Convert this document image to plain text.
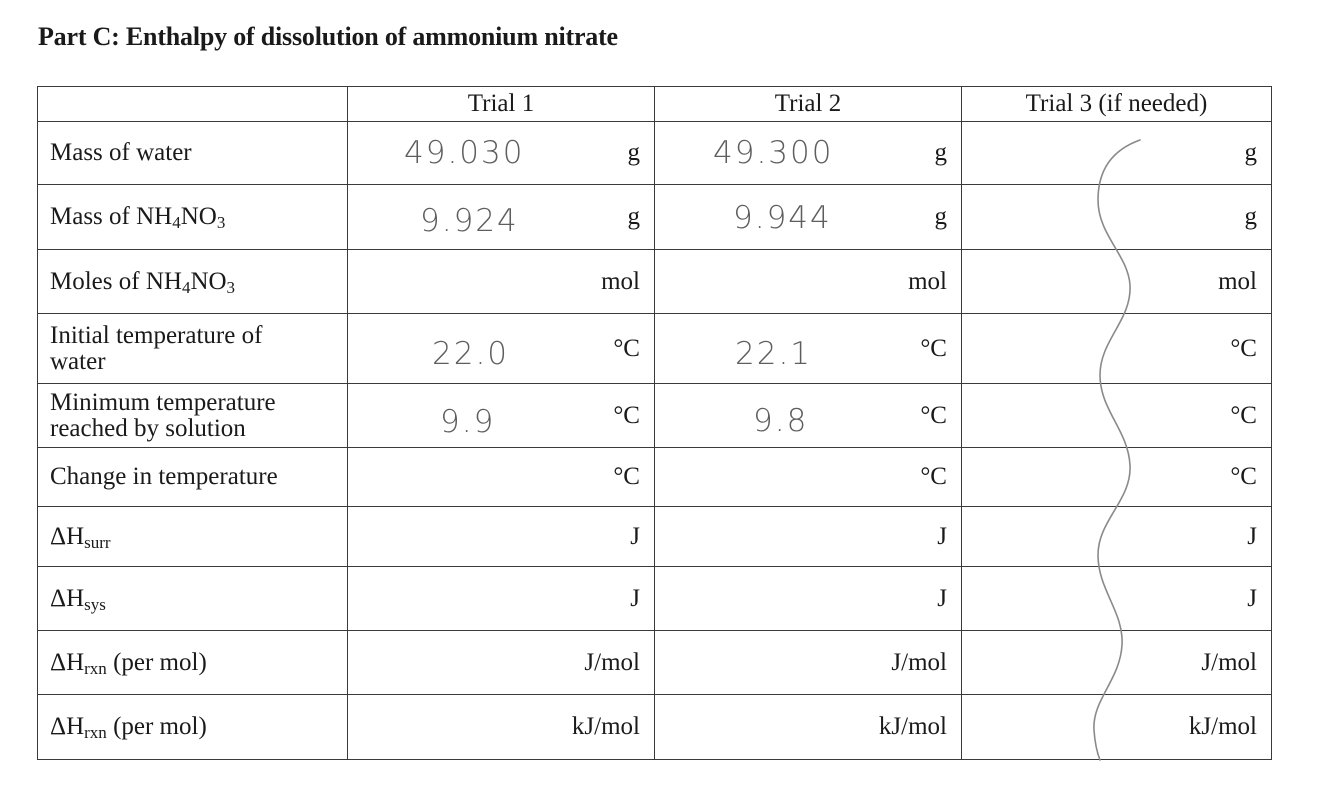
Part C: Enthalpy of dissolution of ammonium nitrate
	Trial 1	Trial 2	Trial 3 (if needed)
Mass of water	49.030 g	49.300 g	g

Mass of $NH_4NO_3$	9.924 g	9.944 g	g

Moles of $NH_4NO_3$	mol	mol	mol

Initial temperature of
water	22.0 °C	22.1 °C	°C

Minimum temperature
reached by solution	9.9 °C	9.8 °C	°C

Change in temperature	°C	°C	°C

$\Delta H_{surr}$	J	J	J

$\Delta H_{sys}$	J	J	J

$\Delta H_{rxn}$ (per mol)	J/mol	J/mol	J/mol

$\Delta H_{rxn}$ (per mol)	kJ/mol	kJ/mol	kJ/mol
